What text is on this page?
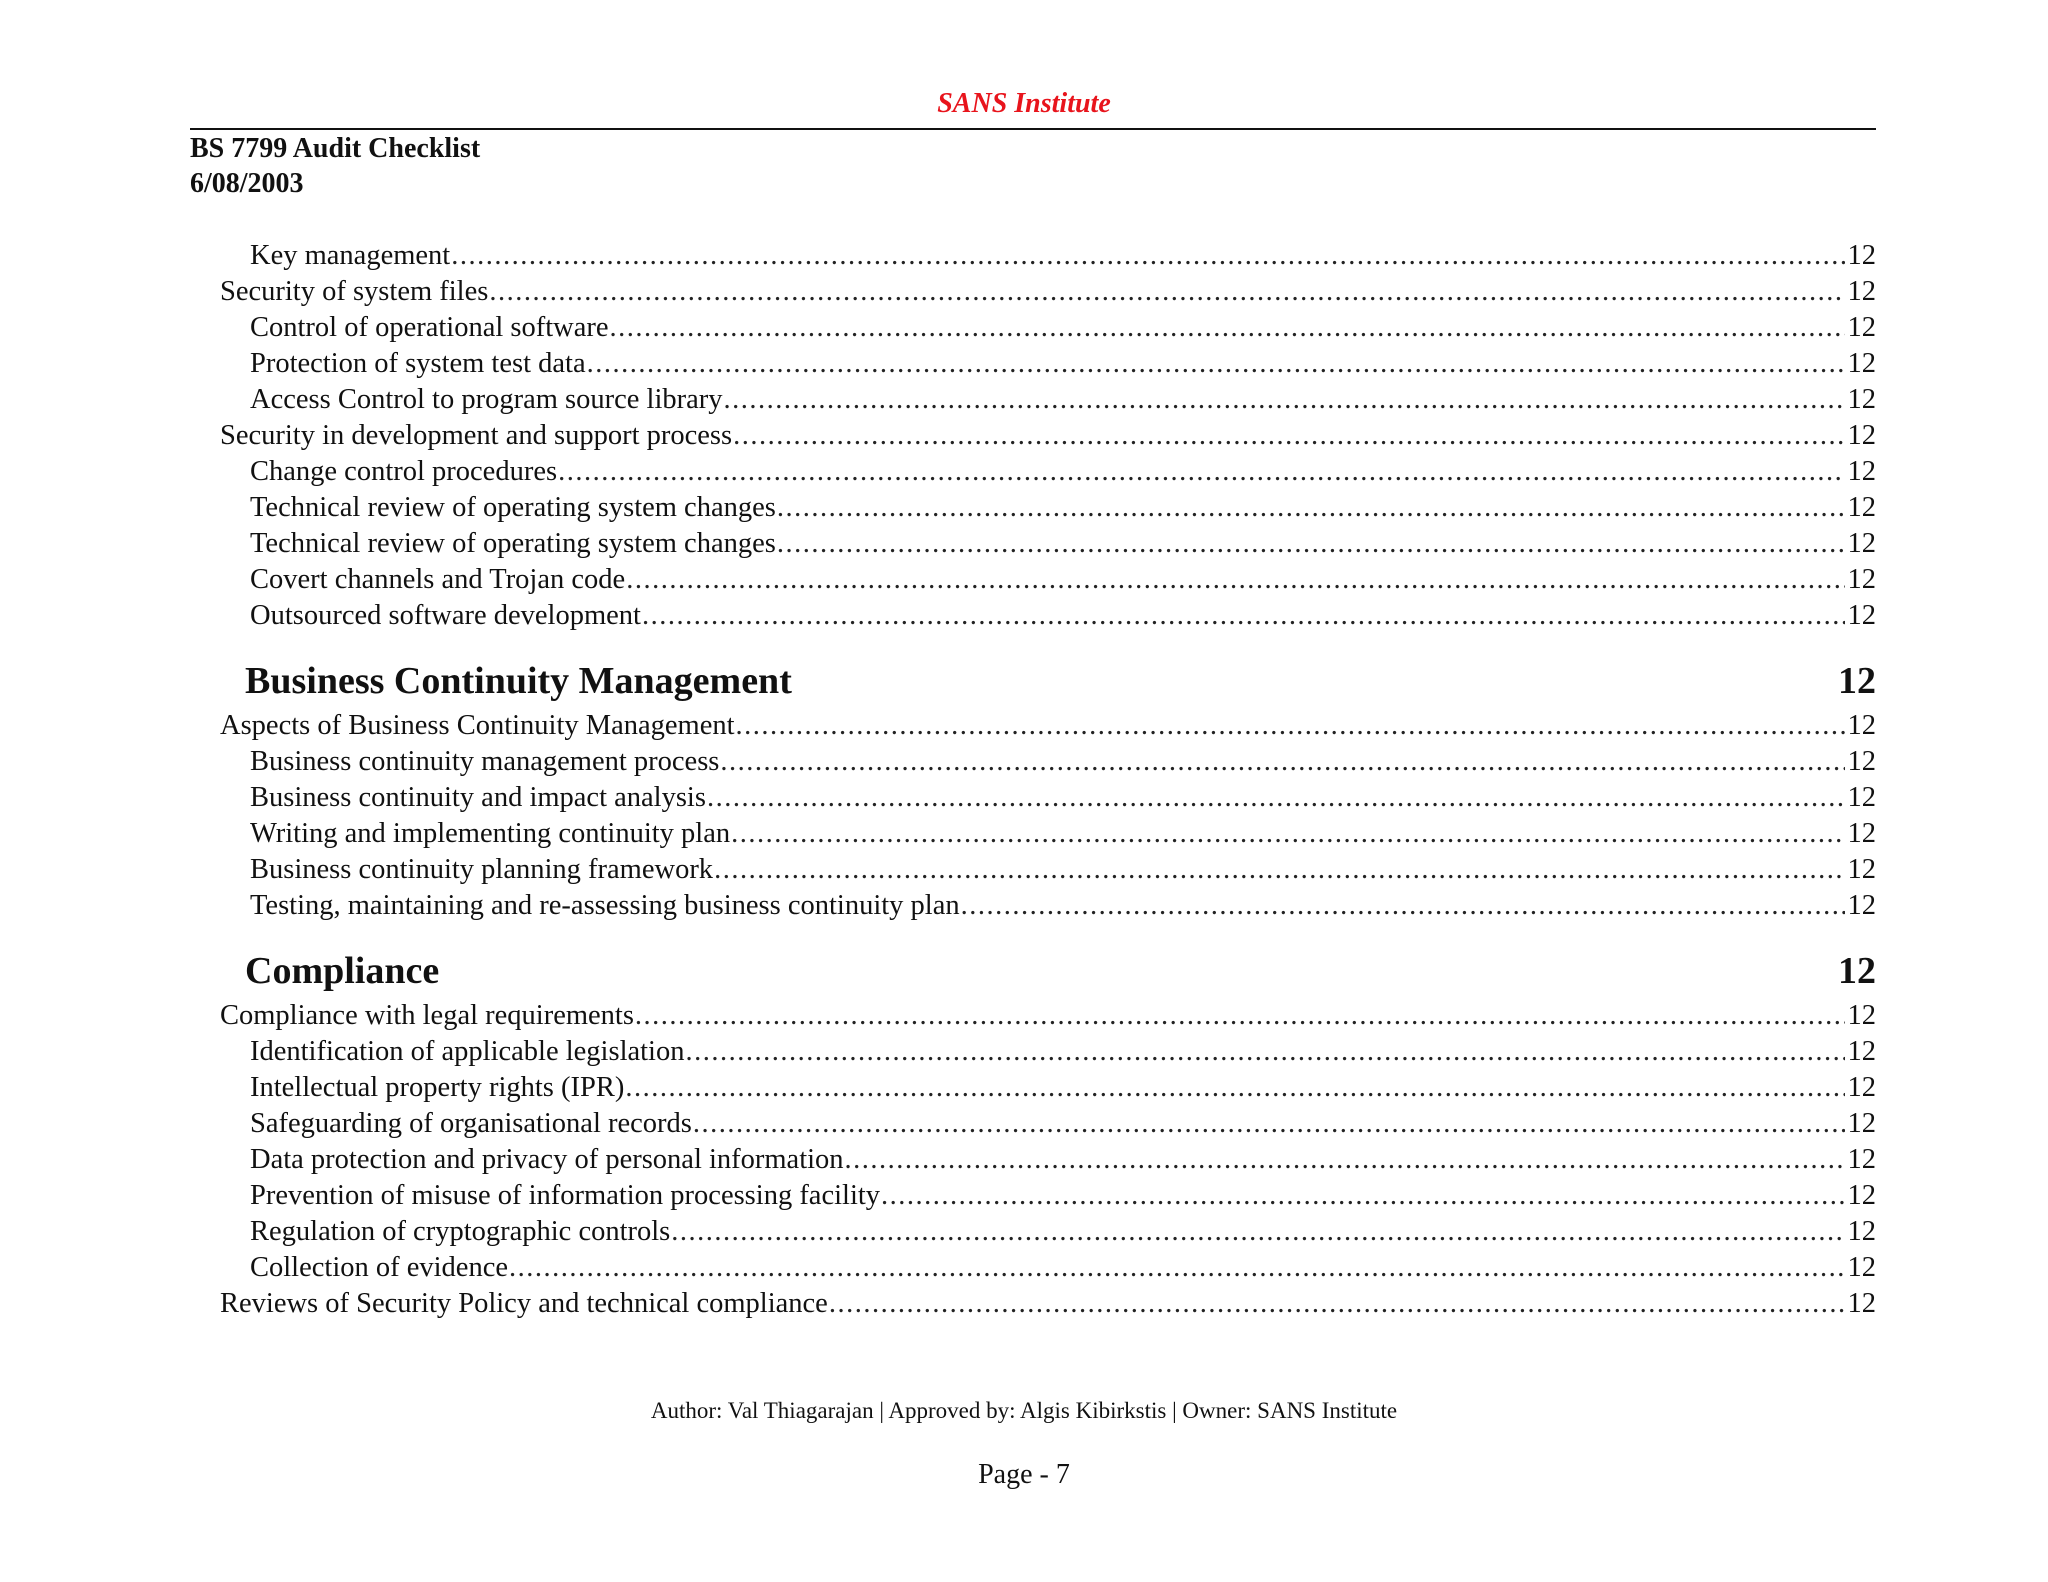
SANS Institute
BS 7799 Audit Checklist
6/08/2003
Key management .....	12
Security of system files .....	12
Control of operational software .....	12
Protection of system test data .....	12
Access Control to program source library .....	12
Security in development and support process .....	12
Change control procedures .....	12
Technical review of operating system changes .....	12
Technical review of operating system changes .....	12
Covert channels and Trojan code .....	12
Outsourced software development .....	12
Business Continuity Management	12
Aspects of Business Continuity Management .....	12
Business continuity management process .....	12
Business continuity and impact analysis .....	12
Writing and implementing continuity plan .....	12
Business continuity planning framework .....	12
Testing, maintaining and re-assessing business continuity plan .....	12
Compliance	12
Compliance with legal requirements .....	12
Identification of applicable legislation .....	12
Intellectual property rights (IPR) .....	12
Safeguarding of organisational records .....	12
Data protection and privacy of personal information .....	12
Prevention of misuse of information processing facility .....	12
Regulation of cryptographic controls .....	12
Collection of evidence .....	12
Reviews of Security Policy and technical compliance .....	12
Author: Val Thiagarajan | Approved by: Algis Kibirkstis | Owner: SANS Institute
Page - 7
